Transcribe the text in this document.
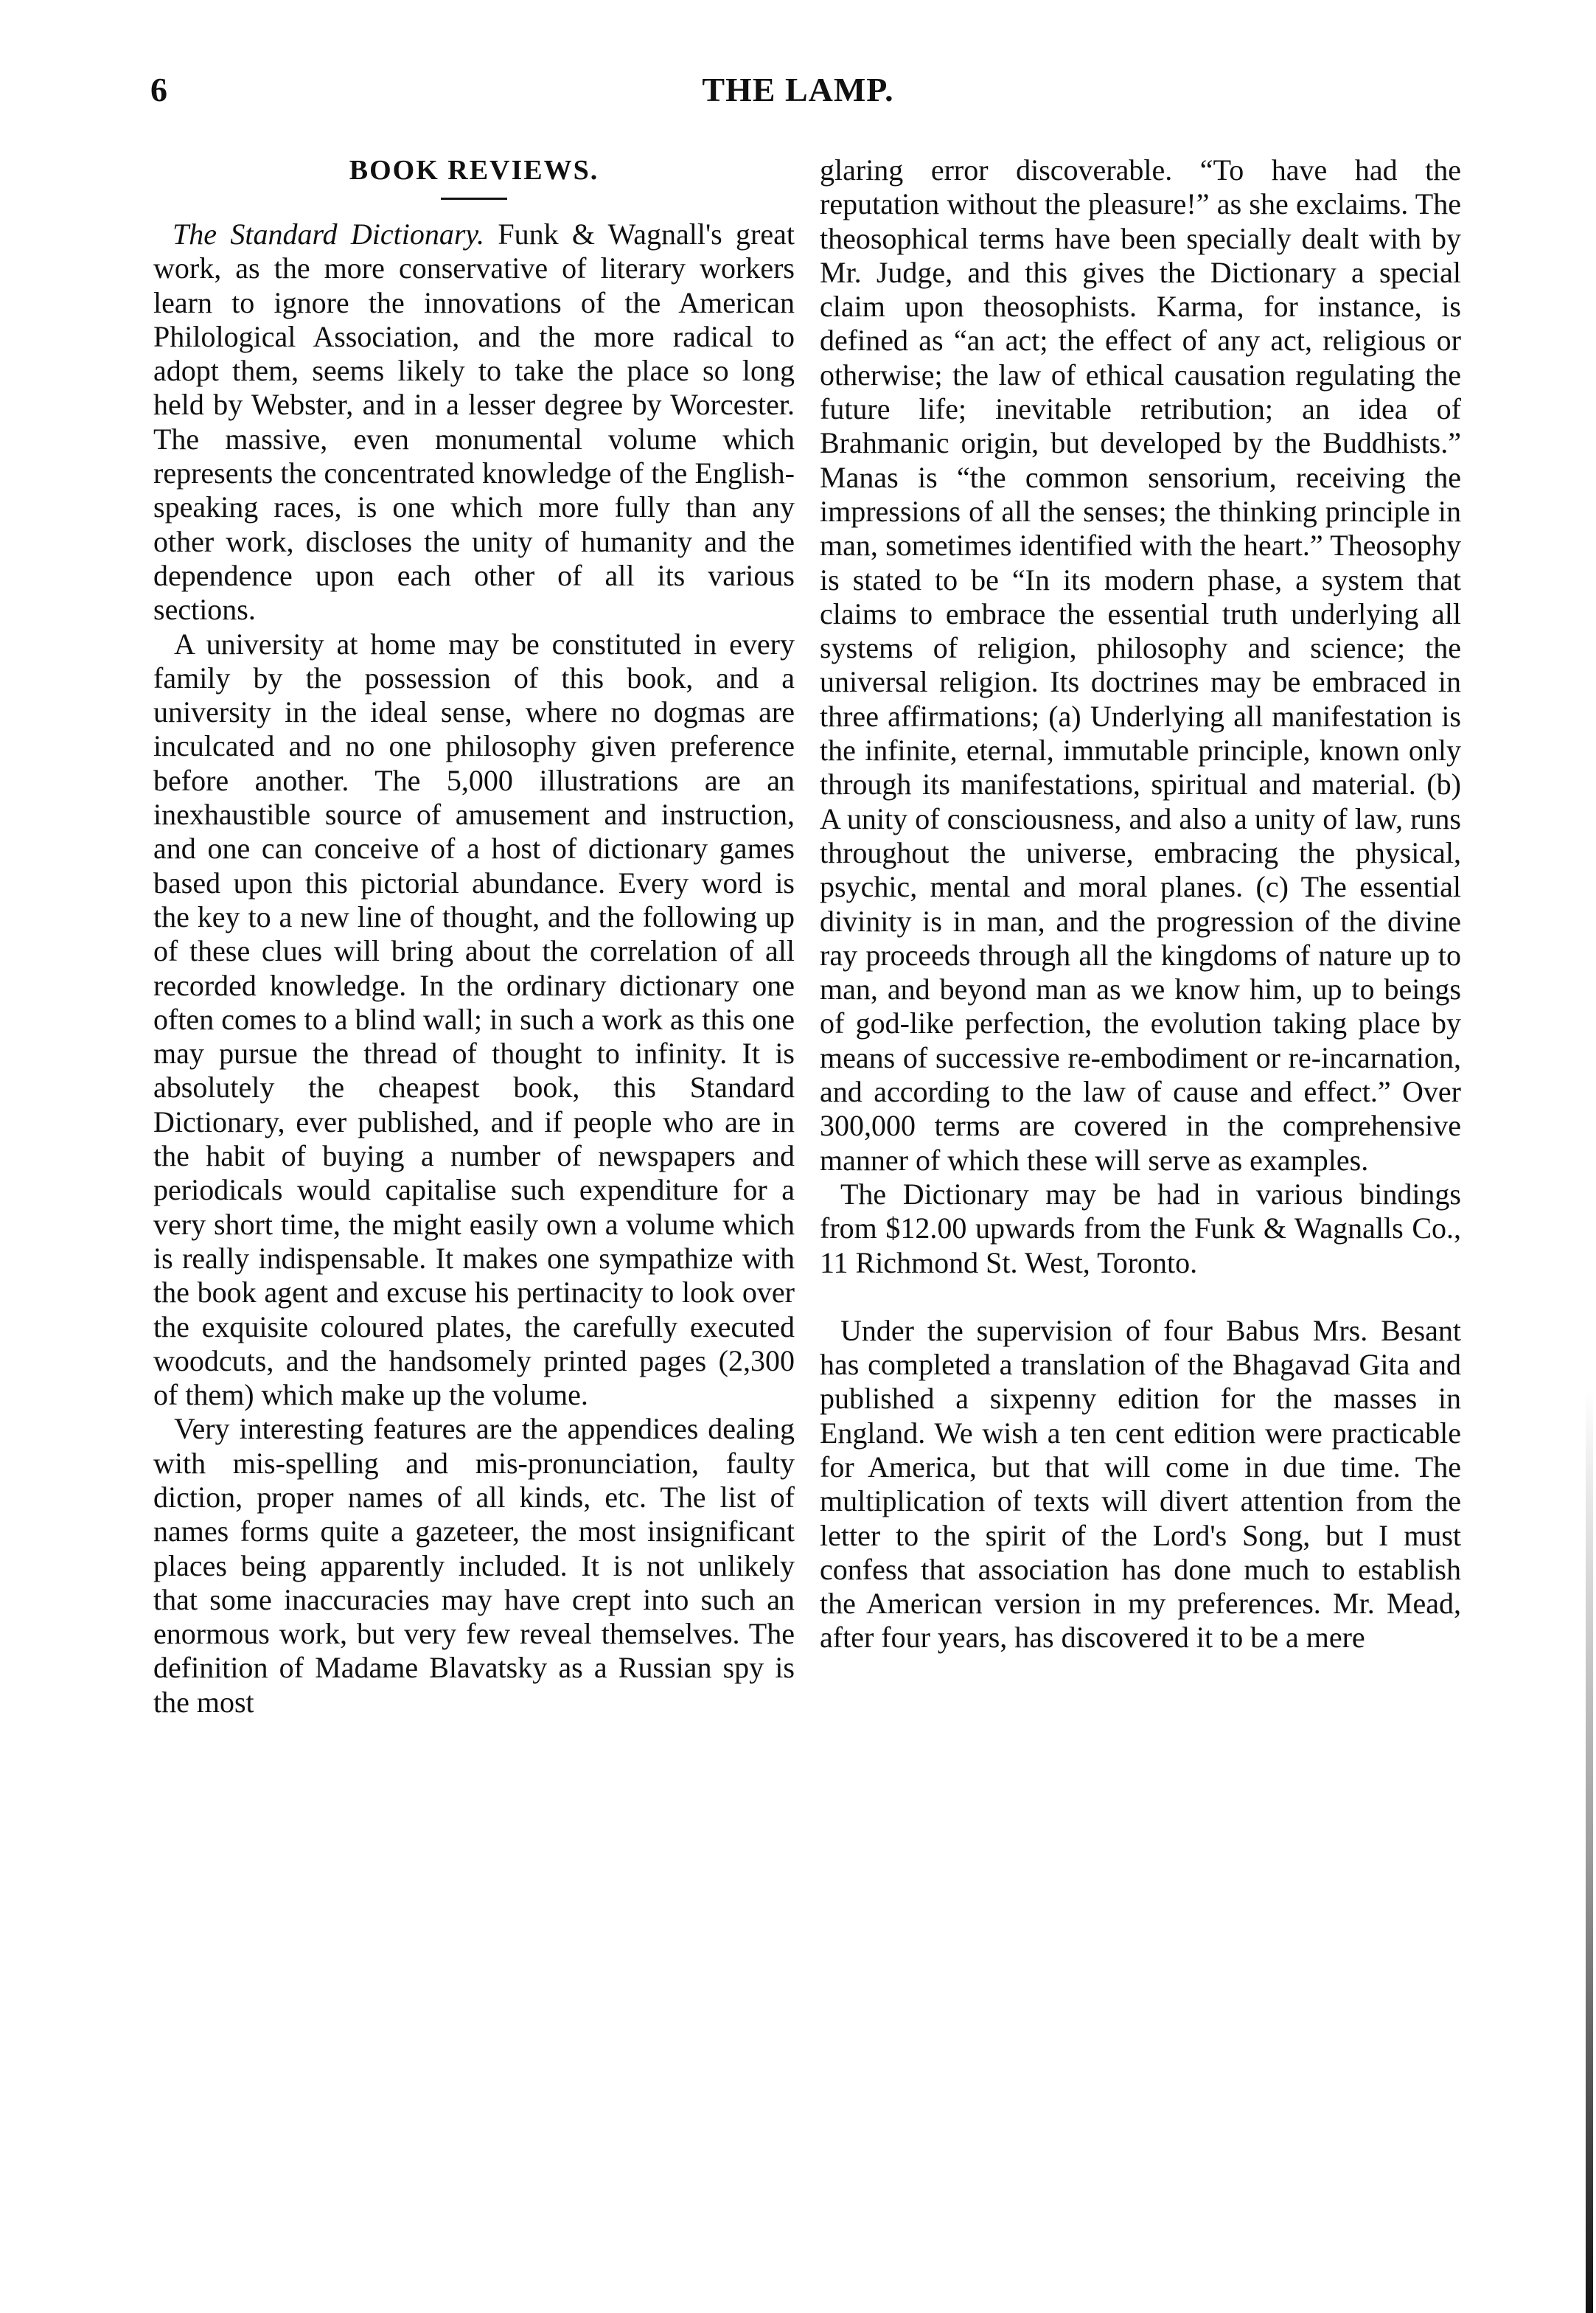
THE LAMP.
6
BOOK REVIEWS.

The Standard Dictionary. Funk & Wagnall's great work, as the more conservative of literary workers learn to ignore the innovations of the American Philological Association, and the more radical to adopt them, seems likely to take the place so long held by Webster, and in a lesser degree by Worcester. The massive, even monumental volume which represents the concentrated knowledge of the English-speaking races, is one which more fully than any other work, discloses the unity of humanity and the dependence upon each other of all its various sections.

A university at home may be constituted in every family by the possession of this book, and a university in the ideal sense, where no dogmas are inculcated and no one philosophy given preference before another. The 5,000 illustrations are an inexhaustible source of amusement and instruction, and one can conceive of a host of dictionary games based upon this pictorial abundance. Every word is the key to a new line of thought, and the following up of these clues will bring about the correlation of all recorded knowledge. In the ordinary dictionary one often comes to a blind wall; in such a work as this one may pursue the thread of thought to infinity. It is absolutely the cheapest book, this Standard Dictionary, ever published, and if people who are in the habit of buying a number of newspapers and periodicals would capitalise such expenditure for a very short time, the might easily own a volume which is really indispensable. It makes one sympathize with the book agent and excuse his pertinacity to look over the exquisite coloured plates, the carefully executed woodcuts, and the handsomely printed pages (2,300 of them) which make up the volume.

Very interesting features are the appendices dealing with mis-spelling and mis-pronunciation, faulty diction, proper names of all kinds, etc. The list of names forms quite a gazeteer, the most insignificant places being apparently included. It is not unlikely that some inaccuracies may have crept into such an enormous work, but very few reveal themselves. The definition of Madame Blavatsky as a Russian spy is the most

glaring error discoverable. “To have had the reputation without the pleasure!” as she exclaims. The theosophical terms have been specially dealt with by Mr. Judge, and this gives the Dictionary a special claim upon theosophists. Karma, for instance, is defined as “an act; the effect of any act, religious or otherwise; the law of ethical causation regulating the future life; inevitable retribution; an idea of Brahmanic origin, but developed by the Buddhists.” Manas is “the common sensorium, receiving the impressions of all the senses; the thinking principle in man, sometimes identified with the heart.” Theosophy is stated to be “In its modern phase, a system that claims to embrace the essential truth underlying all systems of religion, philosophy and science; the universal religion. Its doctrines may be embraced in three affirmations; (a) Underlying all manifestation is the infinite, eternal, immutable principle, known only through its manifestations, spiritual and material. (b) A unity of consciousness, and also a unity of law, runs throughout the universe, embracing the physical, psychic, mental and moral planes. (c) The essential divinity is in man, and the progression of the divine ray proceeds through all the kingdoms of nature up to man, and beyond man as we know him, up to beings of god-like perfection, the evolution taking place by means of successive re-embodiment or re-incarnation, and according to the law of cause and effect.” Over 300,000 terms are covered in the comprehensive manner of which these will serve as examples.

The Dictionary may be had in various bindings from $12.00 upwards from the Funk & Wagnalls Co., 11 Richmond St. West, Toronto.

Under the supervision of four Babus Mrs. Besant has completed a translation of the Bhagavad Gita and published a sixpenny edition for the masses in England. We wish a ten cent edition were practicable for America, but that will come in due time. The multiplication of texts will divert attention from the letter to the spirit of the Lord's Song, but I must confess that association has done much to establish the American version in my preferences. Mr. Mead, after four years, has discovered it to be a mere
